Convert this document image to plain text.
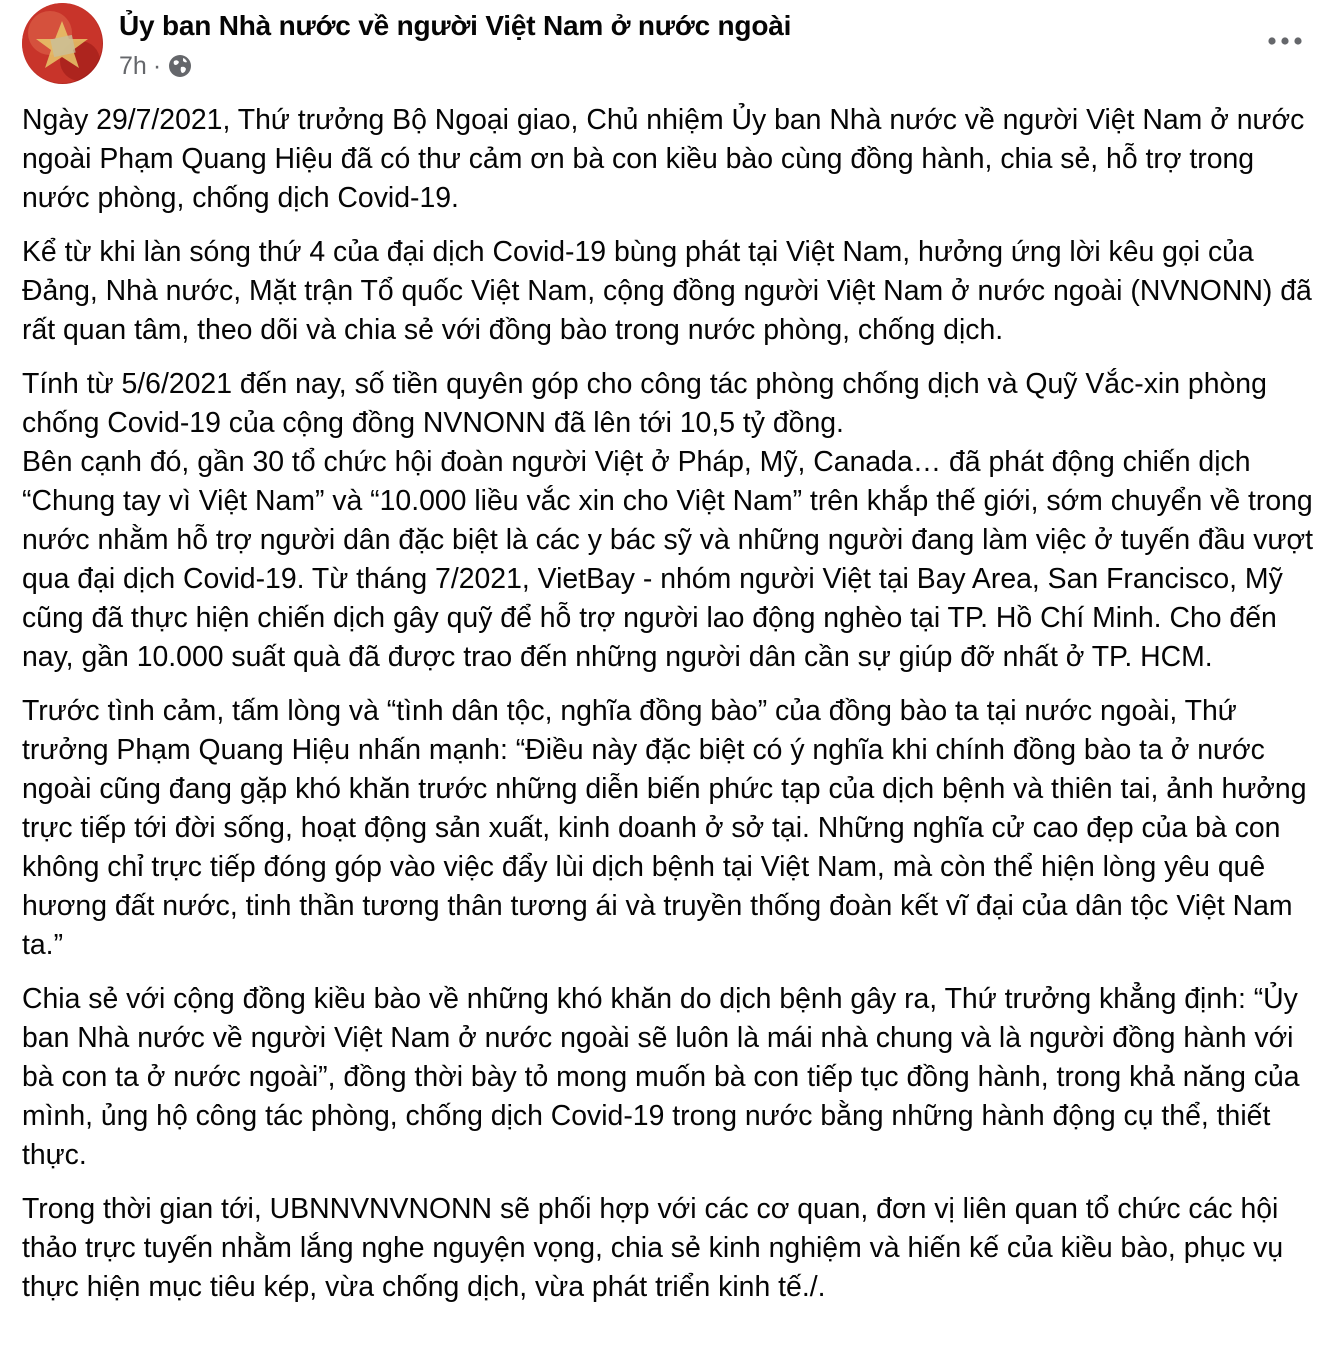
Ủy ban Nhà nước về người Việt Nam ở nước ngoài
7h ·

Ngày 29/7/2021, Thứ trưởng Bộ Ngoại giao, Chủ nhiệm Ủy ban Nhà nước về người Việt Nam ở nước ngoài Phạm Quang Hiệu đã có thư cảm ơn bà con kiều bào cùng đồng hành, chia sẻ, hỗ trợ trong nước phòng, chống dịch Covid-19.

Kể từ khi làn sóng thứ 4 của đại dịch Covid-19 bùng phát tại Việt Nam, hưởng ứng lời kêu gọi của Đảng, Nhà nước, Mặt trận Tổ quốc Việt Nam, cộng đồng người Việt Nam ở nước ngoài (NVNONN) đã rất quan tâm, theo dõi và chia sẻ với đồng bào trong nước phòng, chống dịch.

Tính từ 5/6/2021 đến nay, số tiền quyên góp cho công tác phòng chống dịch và Quỹ Vắc-xin phòng chống Covid-19 của cộng đồng NVNONN đã lên tới 10,5 tỷ đồng.

Bên cạnh đó, gần 30 tổ chức hội đoàn người Việt ở Pháp, Mỹ, Canada… đã phát động chiến dịch “Chung tay vì Việt Nam” và “10.000 liều vắc xin cho Việt Nam” trên khắp thế giới, sớm chuyển về trong nước nhằm hỗ trợ người dân đặc biệt là các y bác sỹ và những người đang làm việc ở tuyến đầu vượt qua đại dịch Covid-19. Từ tháng 7/2021, VietBay - nhóm người Việt tại Bay Area, San Francisco, Mỹ cũng đã thực hiện chiến dịch gây quỹ để hỗ trợ người lao động nghèo tại TP. Hồ Chí Minh. Cho đến nay, gần 10.000 suất quà đã được trao đến những người dân cần sự giúp đỡ nhất ở TP. HCM.

Trước tình cảm, tấm lòng và “tình dân tộc, nghĩa đồng bào” của đồng bào ta tại nước ngoài, Thứ trưởng Phạm Quang Hiệu nhấn mạnh: “Điều này đặc biệt có ý nghĩa khi chính đồng bào ta ở nước ngoài cũng đang gặp khó khăn trước những diễn biến phức tạp của dịch bệnh và thiên tai, ảnh hưởng trực tiếp tới đời sống, hoạt động sản xuất, kinh doanh ở sở tại. Những nghĩa cử cao đẹp của bà con không chỉ trực tiếp đóng góp vào việc đẩy lùi dịch bệnh tại Việt Nam, mà còn thể hiện lòng yêu quê hương đất nước, tinh thần tương thân tương ái và truyền thống đoàn kết vĩ đại của dân tộc Việt Nam ta.”

Chia sẻ với cộng đồng kiều bào về những khó khăn do dịch bệnh gây ra, Thứ trưởng khẳng định: “Ủy ban Nhà nước về người Việt Nam ở nước ngoài sẽ luôn là mái nhà chung và là người đồng hành với bà con ta ở nước ngoài”, đồng thời bày tỏ mong muốn bà con tiếp tục đồng hành, trong khả năng của mình, ủng hộ công tác phòng, chống dịch Covid-19 trong nước bằng những hành động cụ thể, thiết thực.

Trong thời gian tới, UBNNVNVNONN sẽ phối hợp với các cơ quan, đơn vị liên quan tổ chức các hội thảo trực tuyến nhằm lắng nghe nguyện vọng, chia sẻ kinh nghiệm và hiến kế của kiều bào, phục vụ thực hiện mục tiêu kép, vừa chống dịch, vừa phát triển kinh tế./.
